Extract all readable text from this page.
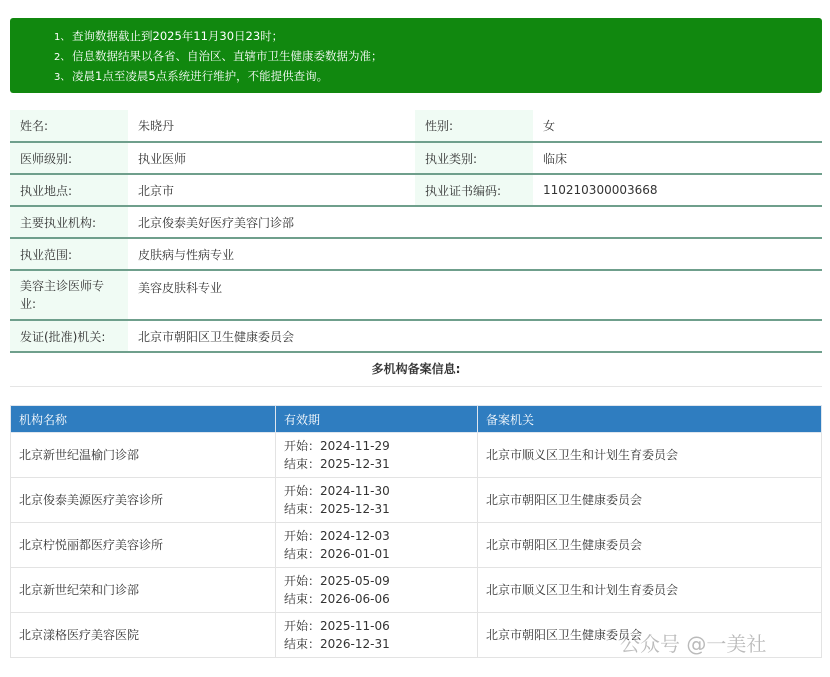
1、 查询数据截止到2025年11月30日23时；
2、 信息数据结果以各省、自治区、直辖市卫生健康委数据为准；
3、 凌晨1点至凌晨5点系统进行维护，不能提供查询。
姓名:	朱晓丹	性别:	女
医师级别:	执业医师	执业类别:	临床
执业地点:	北京市	执业证书编码:	110210300003668
主要执业机构:	北京俊泰美好医疗美容门诊部		
执业范围:	皮肤病与性病专业		
美容主诊医师专业:	美容皮肤科专业		
发证(批准)机关:	北京市朝阳区卫生健康委员会		
多机构备案信息:
机构名称	有效期	备案机关
北京新世纪温榆门诊部	开始：2024-11-29
结束：2025-12-31	北京市顺义区卫生和计划生育委员会
北京俊泰美源医疗美容诊所	开始：2024-11-30
结束：2025-12-31	北京市朝阳区卫生健康委员会
北京柠悦丽都医疗美容诊所	开始：2024-12-03
结束：2026-01-01	北京市朝阳区卫生健康委员会
北京新世纪荣和门诊部	开始：2025-05-09
结束：2026-06-06	北京市顺义区卫生和计划生育委员会
北京漾格医疗美容医院	开始：2025-11-06
结束：2026-12-31	北京市朝阳区卫生健康委员会
公众号 @一美社
